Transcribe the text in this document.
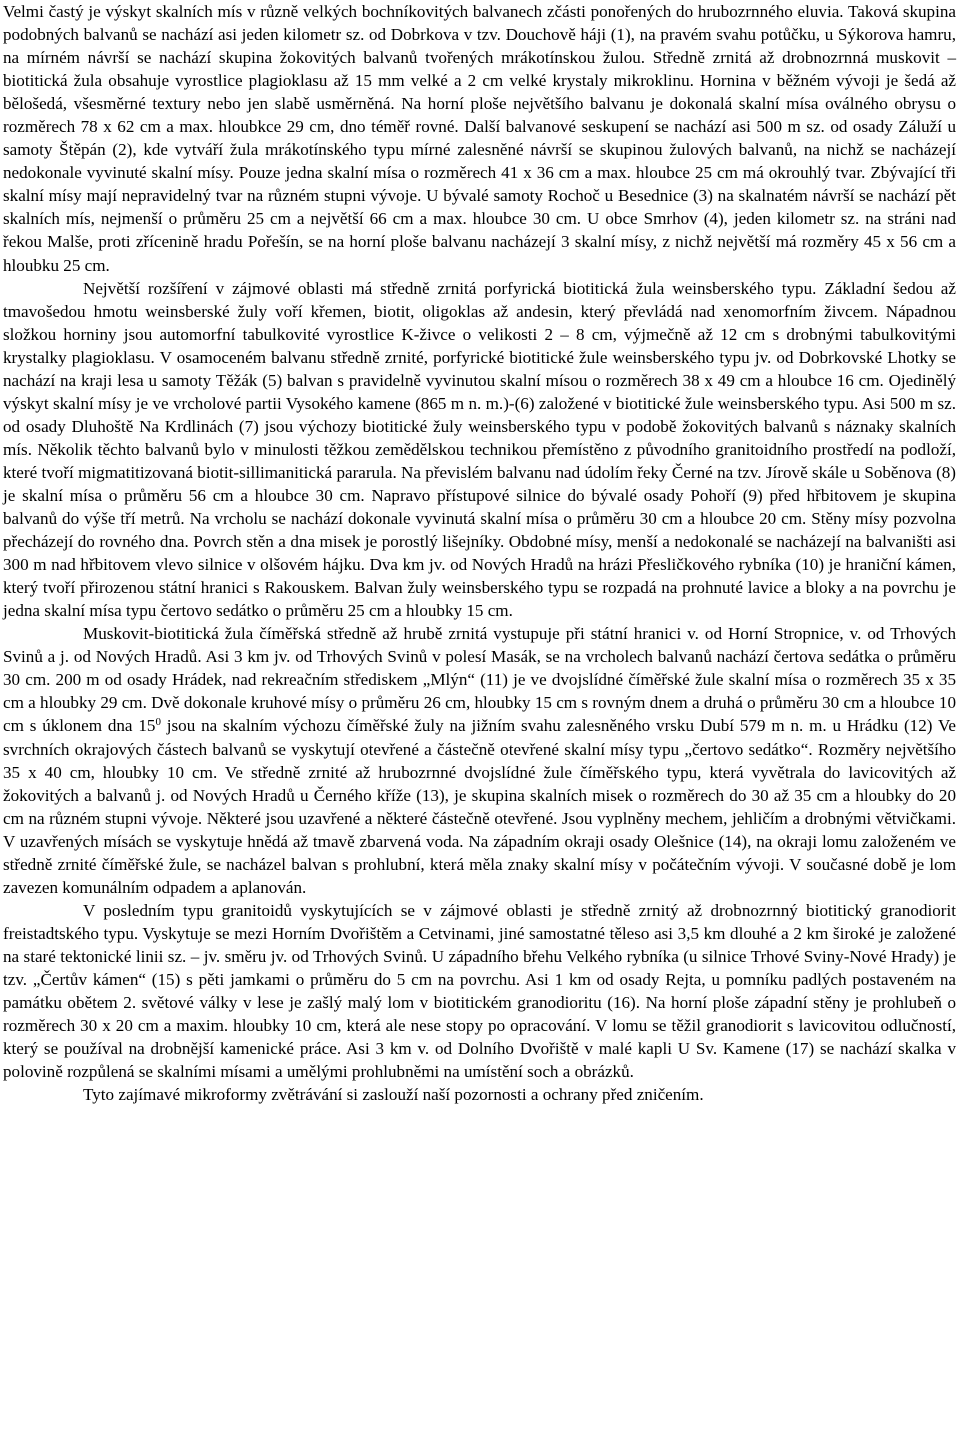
Velmi častý je výskyt skalních mís v různě velkých bochníkovitých balvanech zčásti ponořených do hrubozrnného eluvia. Taková skupina podobných balvanů se nachází asi jeden kilometr sz. od Dobrkova v tzv. Douchově háji (1), na pravém svahu potůčku, u Sýkorova hamru, na mírném návrší se nachází skupina žokovitých balvanů tvořených mrákotínskou žulou. Středně zrnitá až drobnozrnná muskovit – biotitická žula obsahuje vyrostlice plagioklasu až 15 mm velké a 2 cm velké krystaly mikroklinu. Hornina v běžném vývoji je šedá až bělošedá, všesměrné textury nebo jen slabě usměrněná. Na horní ploše největšího balvanu je dokonalá skalní mísa oválného obrysu o rozměrech 78 x 62 cm a max. hloubkce 29 cm, dno téměř rovné. Další balvanové seskupení se nachází asi 500 m sz. od osady Záluží u samoty Štěpán (2), kde vytváří žula mrákotínského typu mírné zalesněné návrší se skupinou žulových balvanů, na nichž se nacházejí nedokonale vyvinuté skalní mísy. Pouze jedna skalní mísa o rozměrech 41 x 36 cm a max. hloubce 25 cm má okrouhlý tvar. Zbývající tři skalní mísy mají nepravidelný tvar na různém stupni vývoje. U bývalé samoty Rochoč u Besednice (3) na skalnatém návrší se nachází pět skalních mís, nejmenší o průměru 25 cm a největší 66 cm a max. hloubce 30 cm. U obce Smrhov (4), jeden kilometr sz. na stráni nad řekou Malše, proti zřícenině hradu Pořešín, se na horní ploše balvanu nacházejí 3 skalní mísy, z nichž největší má rozměry 45 x 56 cm a hloubku 25 cm.

Největší rozšíření v zájmové oblasti má středně zrnitá porfyrická biotitická žula weinsberského typu. Základní šedou až tmavošedou hmotu weinsberské žuly voří křemen, biotit, oligoklas až andesin, který převládá nad xenomorfním živcem. Nápadnou složkou horniny jsou automorfní tabulkovité vyrostlice K-živce o velikosti 2 – 8 cm, výjmečně až 12 cm s drobnými tabulkovitými krystalky plagioklasu. V osamoceném balvanu středně zrnité, porfyrické biotitické žule weinsberského typu jv. od Dobrkovské Lhotky se nachází na kraji lesa u samoty Těžák (5) balvan s pravidelně vyvinutou skalní mísou o rozměrech 38 x 49 cm a hloubce 16 cm. Ojedinělý výskyt skalní mísy je ve vrcholové partii Vysokého kamene (865 m n. m.)-(6) založené v biotitické žule weinsberského typu. Asi 500 m sz. od osady Dluhoště Na Krdlinách (7) jsou výchozy biotitické žuly weinsberského typu v podobě žokovitých balvanů s náznaky skalních mís. Několik těchto balvanů bylo v minulosti těžkou zemědělskou technikou přemístěno z původního granitoidního prostředí na podloží, které tvoří migmatitizovaná biotit-sillimanitická pararula. Na převislém balvanu nad údolím řeky Černé na tzv. Jírově skále u Soběnova (8) je skalní mísa o průměru 56 cm a hloubce 30 cm. Napravo přístupové silnice do bývalé osady Pohoří (9) před hřbitovem je skupina balvanů do výše tří metrů. Na vrcholu se nachází dokonale vyvinutá skalní mísa o průměru 30 cm a hloubce 20 cm. Stěny mísy pozvolna přecházejí do rovného dna. Povrch stěn a dna misek je porostlý lišejníky. Obdobné mísy, menší a nedokonalé se nacházejí na balvaništi asi 300 m nad hřbitovem vlevo silnice v olšovém hájku. Dva km jv. od Nových Hradů na hrázi Přesličkového rybníka (10) je hraniční kámen, který tvoří přirozenou státní hranici s Rakouskem. Balvan žuly weinsberského typu se rozpadá na prohnuté lavice a bloky a na povrchu je jedna skalní mísa typu čertovo sedátko o průměru 25 cm a hloubky 15 cm.

Muskovit-biotitická žula číměřská středně až hrubě zrnitá vystupuje při státní hranici v. od Horní Stropnice, v. od Trhových Svinů a j. od Nových Hradů. Asi 3 km jv. od Trhových Svinů v polesí Masák, se na vrcholech balvanů nachází čertova sedátka o průměru 30 cm. 200 m od osady Hrádek, nad rekreačním střediskem „Mlýn“ (11) je ve dvojslídné číměřské žule skalní mísa o rozměrech 35 x 35 cm a hloubky 29 cm. Dvě dokonale kruhové mísy o průměru 26 cm, hloubky 15 cm s rovným dnem a druhá o průměru 30 cm a hloubce 10 cm s úklonem dna $15^0$ jsou na skalním výchozu číměřské žuly na jižním svahu zalesněného vrsku Dubí 579 m n. m. u Hrádku (12) Ve svrchních okrajových částech balvanů se vyskytují otevřené a částečně otevřené skalní mísy typu „čertovo sedátko“. Rozměry největšího 35 x 40 cm, hloubky 10 cm. Ve středně zrnité až hrubozrnné dvojslídné žule číměřského typu, která vyvětrala do lavicovitých až žokovitých a balvanů j. od Nových Hradů u Černého kříže (13), je skupina skalních misek o rozměrech do 30 až 35 cm a hloubky do 20 cm na různém stupni vývoje. Některé jsou uzavřené a některé částečně otevřené. Jsou vyplněny mechem, jehličím a drobnými větvičkami. V uzavřených mísách se vyskytuje hnědá až tmavě zbarvená voda. Na západním okraji osady Olešnice (14), na okraji lomu založeném ve středně zrnité číměřské žule, se nacházel balvan s prohlubní, která měla znaky skalní mísy v počátečním vývoji. V současné době je lom zavezen komunálním odpadem a aplanován.

V posledním typu granitoidů vyskytujících se v zájmové oblasti je středně zrnitý až drobnozrnný biotitický granodiorit freistadtského typu. Vyskytuje se mezi Horním Dvořištěm a Cetvinami, jiné samostatné těleso asi 3,5 km dlouhé a 2 km široké je založené na staré tektonické linii sz. – jv. směru jv. od Trhových Svinů. U západního břehu Velkého rybníka (u silnice Trhové Sviny-Nové Hrady) je tzv. „Čertův kámen“ (15) s pěti jamkami o průměru do 5 cm na povrchu. Asi 1 km od osady Rejta, u pomníku padlých postaveném na památku obětem 2. světové války v lese je zašlý malý lom v biotitickém granodioritu (16). Na horní ploše západní stěny je prohlubeň o rozměrech 30 x 20 cm a maxim. hloubky 10 cm, která ale nese stopy po opracování. V lomu se těžil granodiorit s lavicovitou odlučností, který se používal na drobnější kamenické práce. Asi 3 km v. od Dolního Dvořiště v malé kapli U Sv. Kamene (17) se nachází skalka v polovině rozpůlená se skalními mísami a umělými prohlubněmi na umístění soch a obrázků.

Tyto zajímavé mikroformy zvětrávání si zaslouží naší pozornosti a ochrany před zničením.
